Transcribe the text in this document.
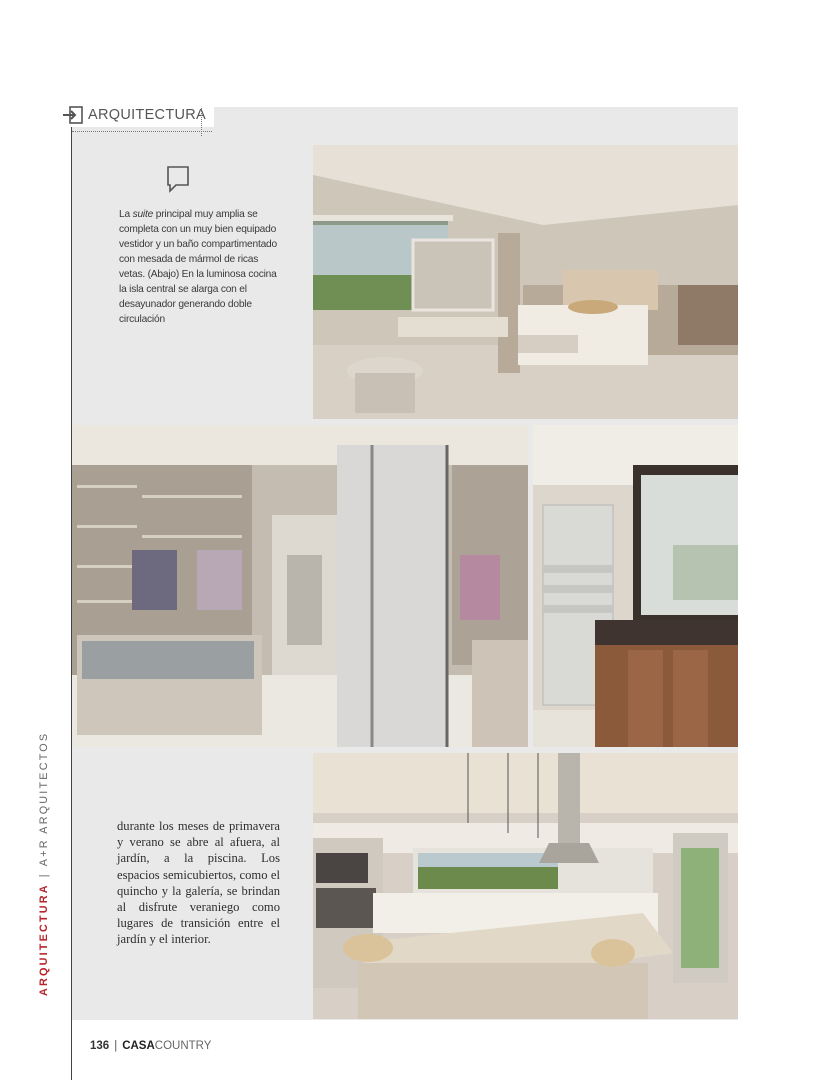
ARQUITECTURA
La suite principal muy amplia se completa con un muy bien equipado vestidor y un baño compartimentado con mesada de mármol de ricas vetas. (Abajo) En la luminosa cocina la isla central se alarga con el desayunador generando doble circulación
durante los meses de primavera y verano se abre al afuera, al jardín, a la piscina. Los espacios semicubiertos, como el quincho y la galería, se brindan al disfrute veraniego como lugares de transición entre el jardín y el interior.
ARQUITECTURA|A+R ARQUITECTOS
136 | CASACOUNTRY
